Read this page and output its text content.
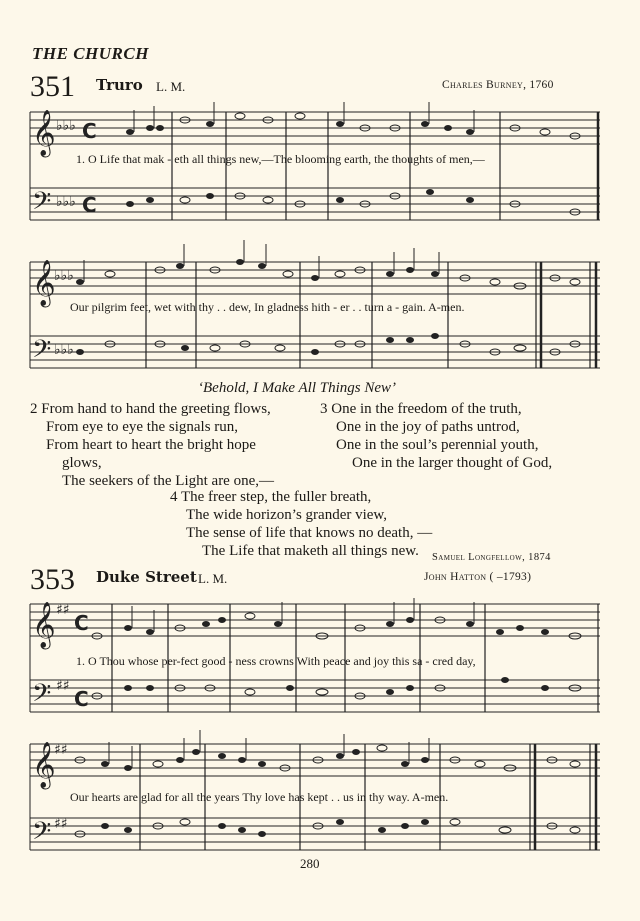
THE CHURCH
351 Truro L. M.	Charles Burney, 1760
𝄞
𝄢
𝄞
𝄢
♭♭♭
♭♭♭
♭♭♭
♭♭♭
C
C
𝄞
𝄢
𝄞
𝄢
♯♯
♯♯
♯♯
♯♯
C
C
1. O Life that mak - eth all things new,—The blooming earth, the thoughts of men,—
Our pilgrim feet, wet with thy . . dew, In gladness hith - er . . turn a - gain. A-men.
‘Behold, I Make All Things New’
2 From hand to hand the greeting flows,
From eye to eye the signals run,
From heart to heart the bright hope
glows,
The seekers of the Light are one,—
3 One in the freedom of the truth,
One in the joy of paths untrod,
One in the soul’s perennial youth,
One in the larger thought of God,
4 The freer step, the fuller breath,
The wide horizon’s grander view,
The sense of life that knows no death, —
The Life that maketh all things new.	Samuel Longfellow, 1874
353 Duke Street L. M.	John Hatton ( –1793)
1. O Thou whose per-fect good - ness crowns With peace and joy this sa - cred day,
Our hearts are glad for all the years Thy love has kept . . us in thy way. A-men.
280
